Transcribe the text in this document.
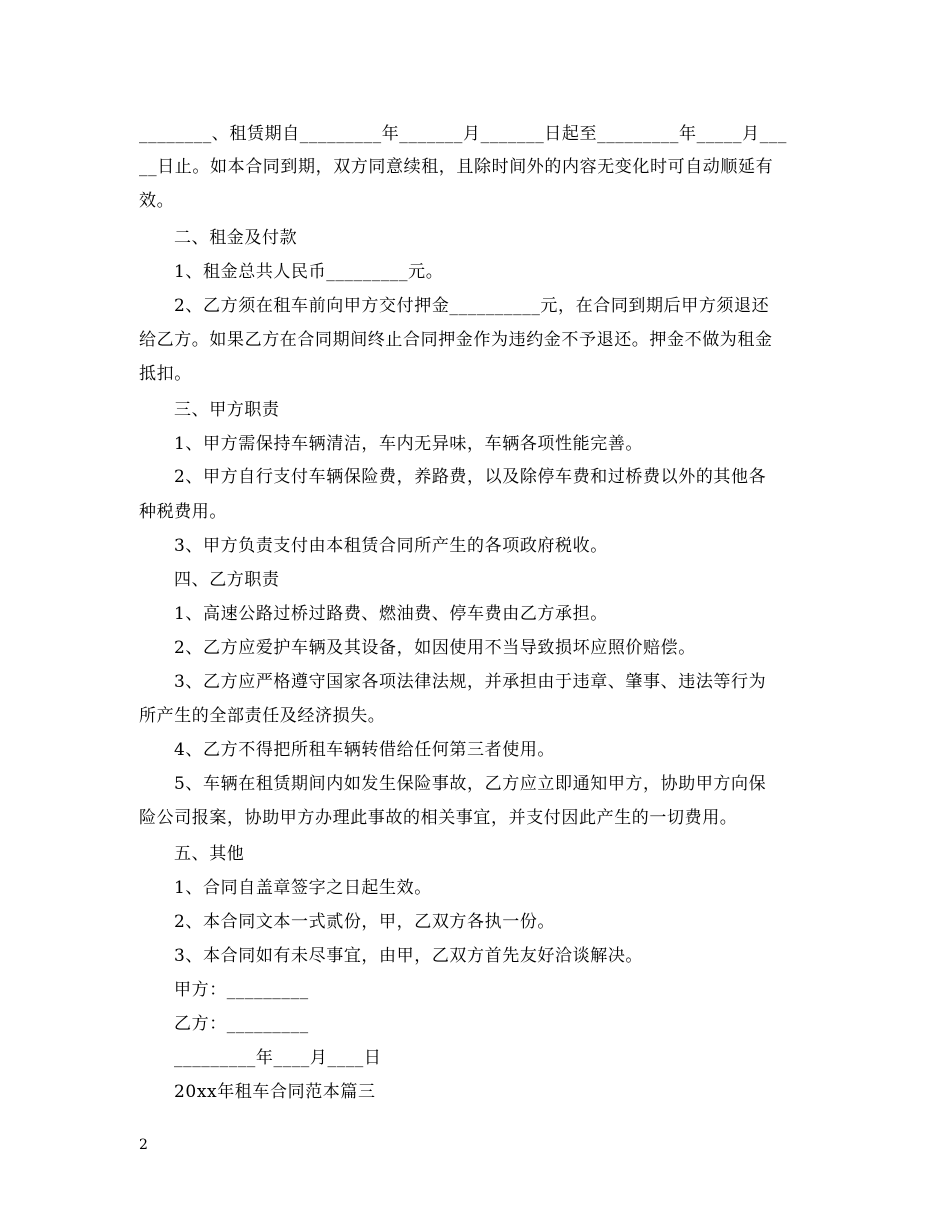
________、租赁期自_________年_______月_______日起至_________年_____月___
__日止。如本合同到期，双方同意续租，且除时间外的内容无变化时可自动顺延有
效。
二、租金及付款
1、租金总共人民币_________元。
2、乙方须在租车前向甲方交付押金__________元，在合同到期后甲方须退还
给乙方。如果乙方在合同期间终止合同押金作为违约金不予退还。押金不做为租金
抵扣。
三、甲方职责
1、甲方需保持车辆清洁，车内无异味，车辆各项性能完善。
2、甲方自行支付车辆保险费，养路费，以及除停车费和过桥费以外的其他各
种税费用。
3、甲方负责支付由本租赁合同所产生的各项政府税收。
四、乙方职责
1、高速公路过桥过路费、燃油费、停车费由乙方承担。
2、乙方应爱护车辆及其设备，如因使用不当导致损坏应照价赔偿。
3、乙方应严格遵守国家各项法律法规，并承担由于违章、肇事、违法等行为
所产生的全部责任及经济损失。
4、乙方不得把所租车辆转借给任何第三者使用。
5、车辆在租赁期间内如发生保险事故，乙方应立即通知甲方，协助甲方向保
险公司报案，协助甲方办理此事故的相关事宜，并支付因此产生的一切费用。
五、其他
1、合同自盖章签字之日起生效。
2、本合同文本一式贰份，甲，乙双方各执一份。
3、本合同如有未尽事宜，由甲，乙双方首先友好洽谈解决。
甲方：_________
乙方：_________
_________年____月____日
20xx年租车合同范本篇三
2
